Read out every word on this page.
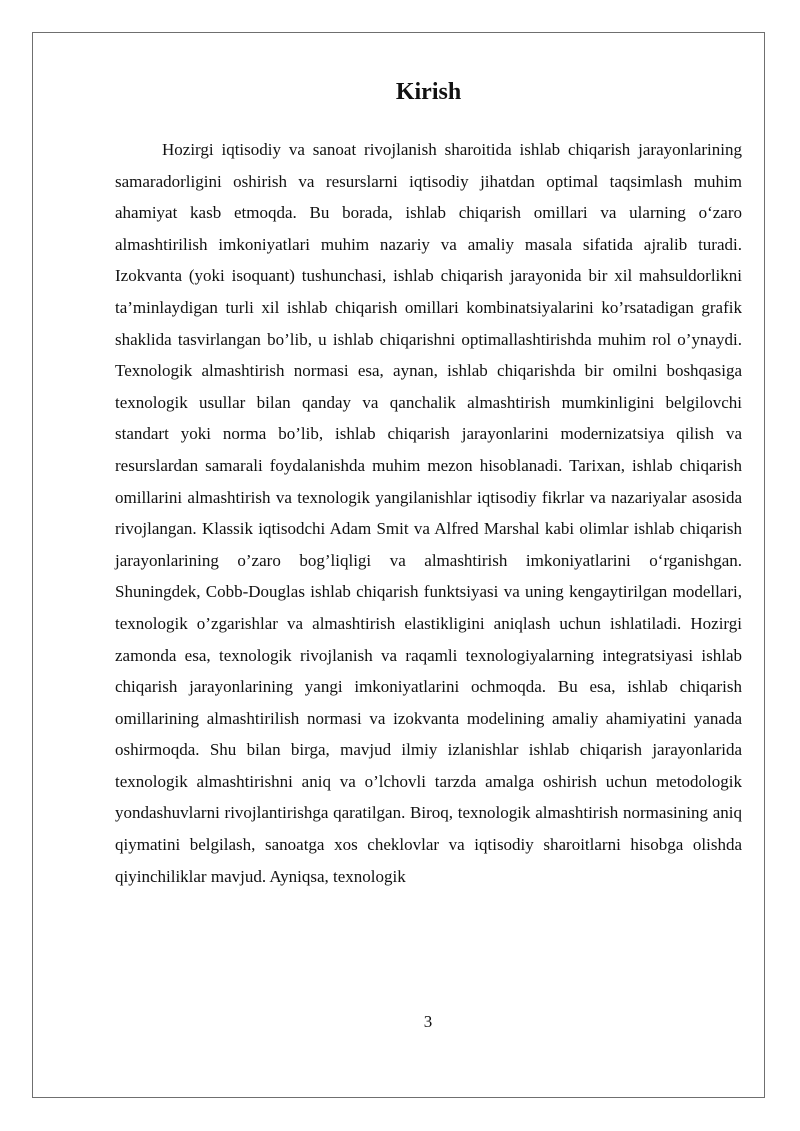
Kirish

Hozirgi iqtisodiy va sanoat rivojlanish sharoitida ishlab chiqarish jarayonlarining samaradorligini oshirish va resurslarni iqtisodiy jihatdan optimal taqsimlash muhim ahamiyat kasb etmoqda. Bu borada, ishlab chiqarish omillari va ularning o‘zaro almashtirilish imkoniyatlari muhim nazariy va amaliy masala sifatida ajralib turadi. Izokvanta (yoki isoquant) tushunchasi, ishlab chiqarish jarayonida bir xil mahsuldorlikni ta’minlaydigan turli xil ishlab chiqarish omillari kombinatsiyalarini ko’rsatadigan grafik shaklida tasvirlangan bo’lib, u ishlab chiqarishni optimallashtirishda muhim rol o’ynaydi. Texnologik almashtirish normasi esa, aynan, ishlab chiqarishda bir omilni boshqasiga texnologik usullar bilan qanday va qanchalik almashtirish mumkinligini belgilovchi standart yoki norma bo’lib, ishlab chiqarish jarayonlarini modernizatsiya qilish va resurslardan samarali foydalanishda muhim mezon hisoblanadi. Tarixan, ishlab chiqarish omillarini almashtirish va texnologik yangilanishlar iqtisodiy fikrlar va nazariyalar asosida rivojlangan. Klassik iqtisodchi Adam Smit va Alfred Marshal kabi olimlar ishlab chiqarish jarayonlarining o’zaro bog’liqligi va almashtirish imkoniyatlarini o‘rganishgan. Shuningdek, Cobb-Douglas ishlab chiqarish funktsiyasi va uning kengaytirilgan modellari, texnologik o’zgarishlar va almashtirish elastikligini aniqlash uchun ishlatiladi. Hozirgi zamonda esa, texnologik rivojlanish va raqamli texnologiyalarning integratsiyasi ishlab chiqarish jarayonlarining yangi imkoniyatlarini ochmoqda. Bu esa, ishlab chiqarish omillarining almashtirilish normasi va izokvanta modelining amaliy ahamiyatini yanada oshirmoqda. Shu bilan birga, mavjud ilmiy izlanishlar ishlab chiqarish jarayonlarida texnologik almashtirishni aniq va o’lchovli tarzda amalga oshirish uchun metodologik yondashuvlarni rivojlantirishga qaratilgan. Biroq, texnologik almashtirish normasining aniq qiymatini belgilash, sanoatga xos cheklovlar va iqtisodiy sharoitlarni hisobga olishda qiyinchiliklar mavjud. Ayniqsa, texnologik

3
